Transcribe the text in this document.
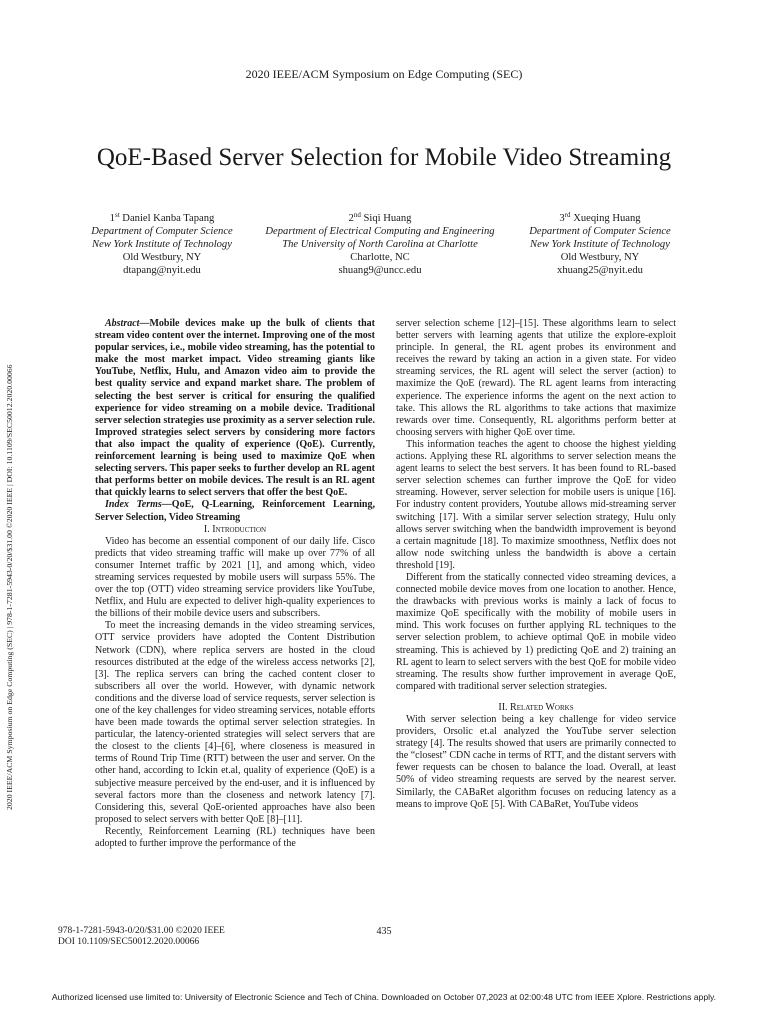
2020 IEEE/ACM Symposium on Edge Computing (SEC)
QoE-Based Server Selection for Mobile Video Streaming
1st Daniel Kanba Tapang
Department of Computer Science
New York Institute of Technology
Old Westbury, NY
dtapang@nyit.edu
2nd Siqi Huang
Department of Electrical Computing and Engineering
The University of North Carolina at Charlotte
Charlotte, NC
shuang9@uncc.edu
3rd Xueqing Huang
Department of Computer Science
New York Institute of Technology
Old Westbury, NY
xhuang25@nyit.edu
2020 IEEE/ACM Symposium on Edge Computing (SEC) | 978-1-7281-5943-0/20/$31.00 ©2020 IEEE | DOI: 10.1109/SEC50012.2020.00066

Abstract—Mobile devices make up the bulk of clients that stream video content over the internet. Improving one of the most popular services, i.e., mobile video streaming, has the potential to make the most market impact. Video streaming giants like YouTube, Netflix, Hulu, and Amazon video aim to provide the best quality service and expand market share. The problem of selecting the best server is critical for ensuring the qualified experience for video streaming on a mobile device. Traditional server selection strategies use proximity as a server selection rule. Improved strategies select servers by considering more factors that also impact the quality of experience (QoE). Currently, reinforcement learning is being used to maximize QoE when selecting servers. This paper seeks to further develop an RL agent that performs better on mobile devices. The result is an RL agent that quickly learns to select servers that offer the best QoE.

Index Terms—QoE, Q-Learning, Reinforcement Learning, Server Selection, Video Streaming

I. Introduction

Video has become an essential component of our daily life. Cisco predicts that video streaming traffic will make up over 77% of all consumer Internet traffic by 2021 [1], and among which, video streaming services requested by mobile users will surpass 55%. The over the top (OTT) video streaming service providers like YouTube, Netflix, and Hulu are expected to deliver high-quality experiences to the billions of their mobile device users and subscribers.

To meet the increasing demands in the video streaming services, OTT service providers have adopted the Content Distribution Network (CDN), where replica servers are hosted in the cloud resources distributed at the edge of the wireless access networks [2], [3]. The replica servers can bring the cached content closer to subscribers all over the world. However, with dynamic network conditions and the diverse load of service requests, server selection is one of the key challenges for video streaming services, notable efforts have been made towards the optimal server selection strategies. In particular, the latency-oriented strategies will select servers that are the closest to the clients [4]–[6], where closeness is measured in terms of Round Trip Time (RTT) between the user and server. On the other hand, according to Ickin et.al, quality of experience (QoE) is a subjective measure perceived by the end-user, and it is influenced by several factors more than the closeness and network latency [7]. Considering this, several QoE-oriented approaches have also been proposed to select servers with better QoE [8]–[11].

Recently, Reinforcement Learning (RL) techniques have been adopted to further improve the performance of the

server selection scheme [12]–[15]. These algorithms learn to select better servers with learning agents that utilize the explore-exploit principle. In general, the RL agent probes its environment and receives the reward by taking an action in a given state. For video streaming services, the RL agent will select the server (action) to maximize the QoE (reward). The RL agent learns from interacting experience. The experience informs the agent on the next action to take. This allows the RL algorithms to take actions that maximize rewards over time. Consequently, RL algorithms perform better at choosing servers with higher QoE over time.

This information teaches the agent to choose the highest yielding actions. Applying these RL algorithms to server selection means the agent learns to select the best servers. It has been found to RL-based server selection schemes can further improve the QoE for video streaming. However, server selection for mobile users is unique [16]. For industry content providers, Youtube allows mid-streaming server switching [17]. With a similar server selection strategy, Hulu only allows server switching when the bandwidth improvement is beyond a certain magnitude [18]. To maximize smoothness, Netflix does not allow node switching unless the bandwidth is above a certain threshold [19].

Different from the statically connected video streaming devices, a connected mobile device moves from one location to another. Hence, the drawbacks with previous works is mainly a lack of focus to maximize QoE specifically with the mobility of mobile users in mind. This work focuses on further applying RL techniques to the server selection problem, to achieve optimal QoE in mobile video streaming. This is achieved by 1) predicting QoE and 2) training an RL agent to learn to select servers with the best QoE for mobile video streaming. The results show further improvement in average QoE, compared with traditional server selection strategies.

II. Related Works

With server selection being a key challenge for video service providers, Orsolic et.al analyzed the YouTube server selection strategy [4]. The results showed that users are primarily connected to the “closest” CDN cache in terms of RTT, and the distant servers with fewer requests can be chosen to balance the load. Overall, at least 50% of video streaming requests are served by the nearest server. Similarly, the CABaRet algorithm focuses on reducing latency as a means to improve QoE [5]. With CABaRet, YouTube videos

978-1-7281-5943-0/20/$31.00 ©2020 IEEE
DOI 10.1109/SEC50012.2020.00066
435
Authorized licensed use limited to: University of Electronic Science and Tech of China. Downloaded on October 07,2023 at 02:00:48 UTC from IEEE Xplore. Restrictions apply.
